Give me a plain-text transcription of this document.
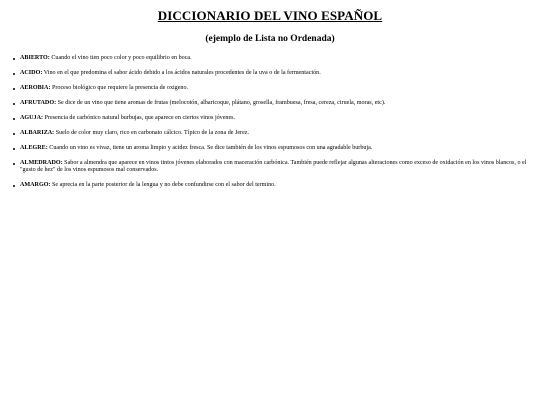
DICCIONARIO DEL VINO ESPAÑOL
(ejemplo de Lista no Ordenada)
ABIERTO: Cuando el vino tien poco color y poco equilibrio en boca.
ACIDO: Vino en el que predomina el sabor ácido debido a los ácidos naturales procedentes de la uva o de la fermentación.
AEROBIA: Proceso biológico que requiere la presencia de oxigeno.
AFRUTADO: Se dice de un vino que tiene aromas de frutas (melocotón, albaricoque, plátano, grosella, frambuesa, fresa, cereza, ciruela, moras, etc).
AGUJA: Presencia de carbónico natural burbujas, que aparece en ciertos vinos jóvenes.
ALBARIZA: Suelo de color muy claro, rico en carbonato cálcico. Típico de la zona de Jerez.
ALEGRE: Cuando un vino es vivaz, tiene un aroma limpio y acidez fresca. Se dice también de los vinos espumosos con una agradable burbuja.
ALMEDRADO: Sabor a almendra que aparece en vinos tintos jóvenes elaborados con maceración carbónica. También puede reflejar algunas alteraciones como exceso de oxidación en los vinos blancos, o el "gusto de hez" de los vinos espumosos mal conservados.
AMARGO: Se aprecia en la parte posterior de la lengua y no debe confundirse con el sabor del termino.
